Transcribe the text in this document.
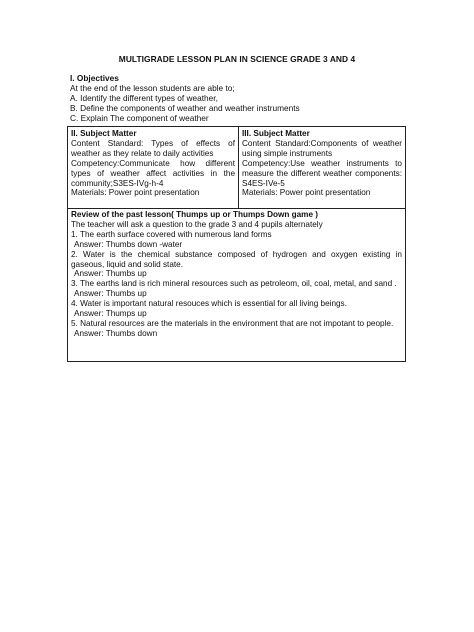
MULTIGRADE LESSON PLAN IN SCIENCE GRADE 3 AND 4
I. Objectives
At the end of the lesson students are able to;
A. Identify the different types of weather,
B. Define the components of weather and weather instruments
C. Explain The component of weather
II. Subject Matter
Content Standard: Types of effects of weather as they relate to daily activities
Competency:Communicate how different types of weather affect activities in the community;S3ES-IVg-h-4
Materials: Power point presentation
III. Subject Matter
Content Standard:Components of weather using simple instruments
Competency:Use weather instruments to measure the different weather components: S4ES-IVe-5
Materials: Power point presentation
Review of the past lesson( Thumps up or Thumps Down game )
The teacher will ask a question to the grade 3 and 4 pupils alternately
1. The earth surface covered with numerous land forms
Answer: Thumbs down -water
2. Water is the chemical substance composed of hydrogen and oxygen existing in gaseous, liquid and solid state.
Answer: Thumbs up
3. The earths land is rich mineral resources such as petroleom, oil, coal, metal, and sand .
Answer: Thumbs up
4. Water is important natural resouces which is essential for all living beings.
Answer: Thumps up
5. Natural resources are the materials in the environment that are not impotant to people.
Answer: Thumbs down
